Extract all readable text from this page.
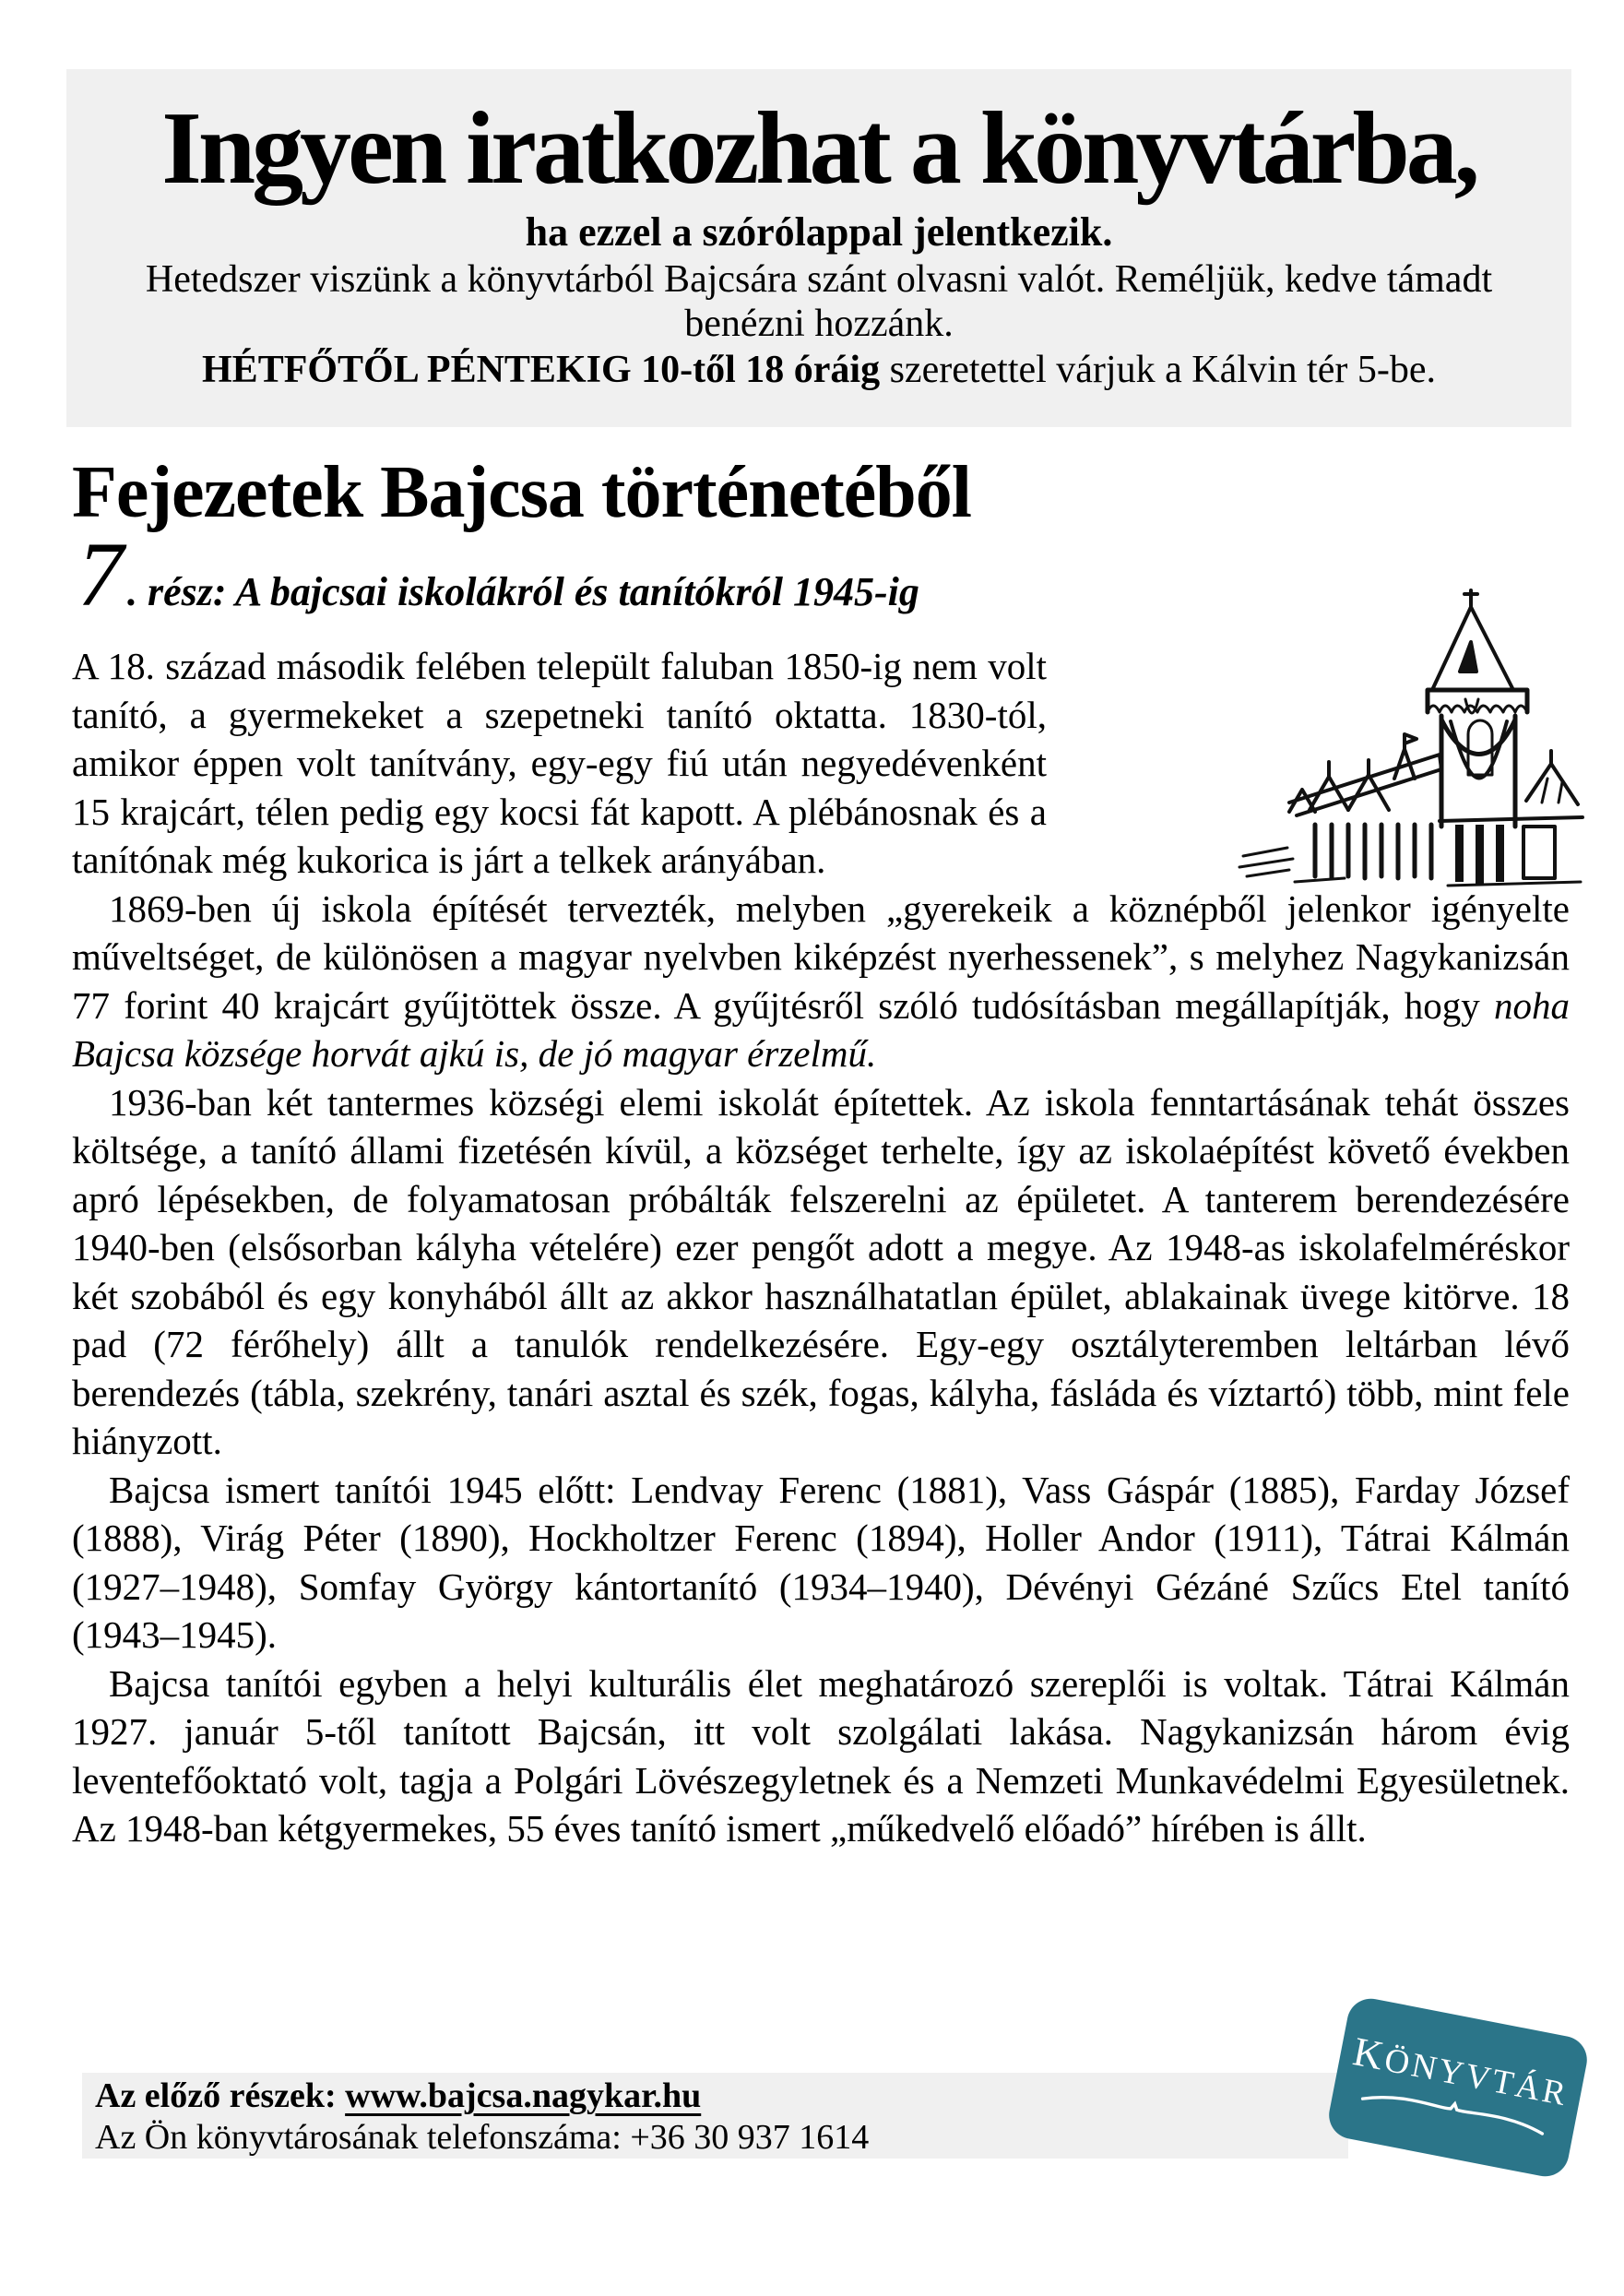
Ingyen iratkozhat a könyvtárba,
ha ezzel a szórólappal jelentkezik.
Hetedszer viszünk a könyvtárból Bajcsára szánt olvasni valót. Reméljük, kedve támadt benézni hozzánk.
HÉTFŐTŐL PÉNTEKIG 10-től 18 óráig szeretettel várjuk a Kálvin tér 5-be.
Fejezetek Bajcsa történetéből
7. rész: A bajcsai iskolákról és tanítókról 1945-ig

A 18. század második felében települt faluban 1850-ig nem volt tanító, a gyermekeket a szepetneki tanító oktatta. 1830-tól, amikor éppen volt tanítvány, egy-egy fiú után negyedévenként 15 krajcárt, télen pedig egy kocsi fát kapott. A plébánosnak és a tanítónak még kukorica is járt a telkek arányában.

1869-ben új iskola építését tervezték, melyben „gyerekeik a köznépből jelenkor igényelte műveltséget, de különösen a magyar nyelvben kiképzést nyerhessenek”, s melyhez Nagykanizsán 77 forint 40 krajcárt gyűjtöttek össze. A gyűjtésről szóló tudósításban megállapítják, hogy noha Bajcsa községe horvát ajkú is, de jó magyar érzelmű.

1936-ban két tantermes községi elemi iskolát építettek. Az iskola fenntartásának tehát összes költsége, a tanító állami fizetésén kívül, a községet terhelte, így az iskolaépítést követő években apró lépésekben, de folyamatosan próbálták felszerelni az épületet. A tanterem berendezésére 1940-ben (elsősorban kályha vételére) ezer pengőt adott a megye. Az 1948-as iskolafelméréskor két szobából és egy konyhából állt az akkor használhatatlan épület, ablakainak üvege kitörve. 18 pad (72 férőhely) állt a tanulók rendelkezésére. Egy-egy osztályteremben leltárban lévő berendezés (tábla, szekrény, tanári asztal és szék, fogas, kályha, fásláda és víztartó) több, mint fele hiányzott.

Bajcsa ismert tanítói 1945 előtt: Lendvay Ferenc (1881), Vass Gáspár (1885), Farday József (1888), Virág Péter (1890), Hockholtzer Ferenc (1894), Holler Andor (1911), Tátrai Kálmán (1927–1948), Somfay György kántortanító (1934–1940), Dévényi Gézáné Szűcs Etel tanító (1943–1945).

Bajcsa tanítói egyben a helyi kulturális élet meghatározó szereplői is voltak. Tátrai Kálmán 1927. január 5-től tanított Bajcsán, itt volt szolgálati lakása. Nagykanizsán három évig leventefőoktató volt, tagja a Polgári Lövészegyletnek és a Nemzeti Munkavédelmi Egyesületnek. Az 1948-ban kétgyermekes, 55 éves tanító ismert „műkedvelő előadó” hírében is állt.

Az előző részek: www.bajcsa.nagykar.hu
Az Ön könyvtárosának telefonszáma: +36 30 937 1614
KÖNYVTÁR
